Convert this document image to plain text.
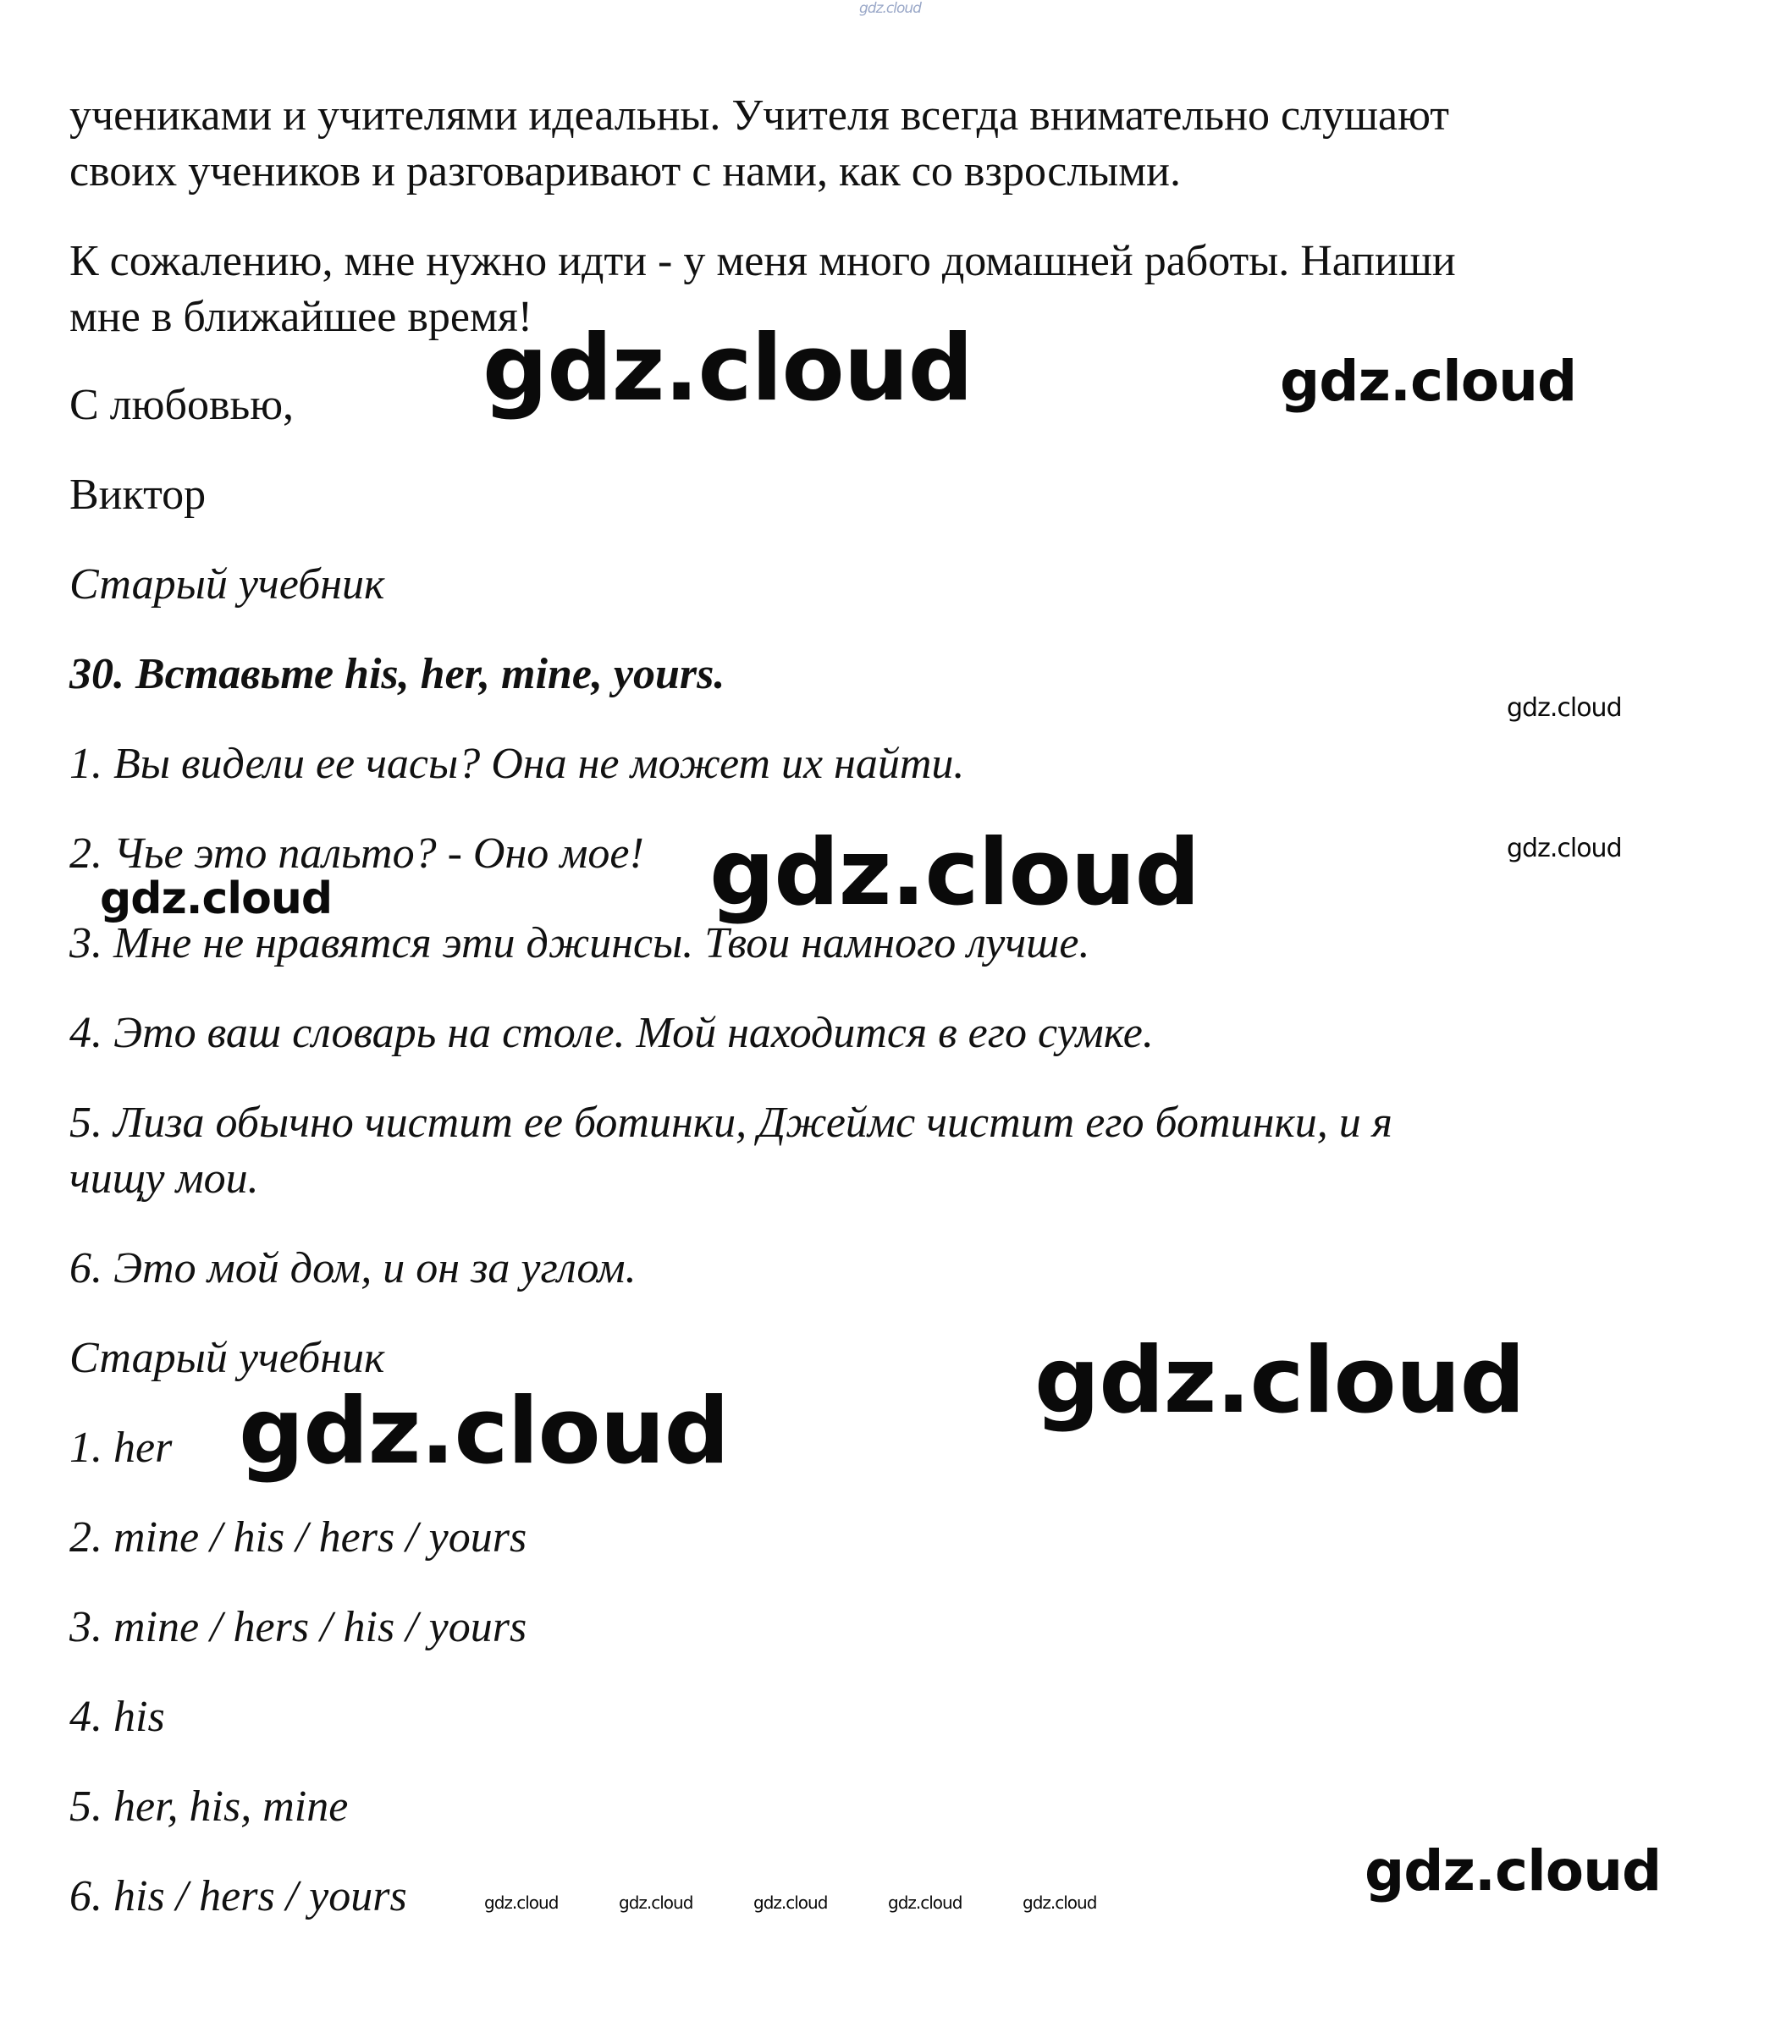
gdz.cloud

учениками и учителями идеальны. Учителя всегда внимательно слушают

своих учеников и разговаривают с нами, как со взрослыми.

К сожалению, мне нужно идти - у меня много домашней работы. Напиши

мне в ближайшее время!

С любовью,

Виктор

Старый учебник

30. Вставьте his, her, mine, yours.

1. Вы видели ее часы? Она не может их найти.

2. Чье это пальто? - Оно мое!

3. Мне не нравятся эти джинсы. Твои намного лучше.

4. Это ваш словарь на столе. Мой находится в его сумке.

5. Лиза обычно чистит ее ботинки, Джеймс чистит его ботинки, и я

чищу мои.

6. Это мой дом, и он за углом.

Старый учебник

1. her

2. mine / his / hers / yours

3. mine / hers / his / yours

4. his

5. her, his, mine

6. his / hers / yours

gdz.cloud	gdz.cloud
gdz.cloud
gdz.cloud
gdz.cloud
gdz.cloud
gdz.cloud
gdz.cloud
gdz.cloud
gdz.cloud	gdz.cloud	gdz.cloud	gdz.cloud	gdz.cloud
